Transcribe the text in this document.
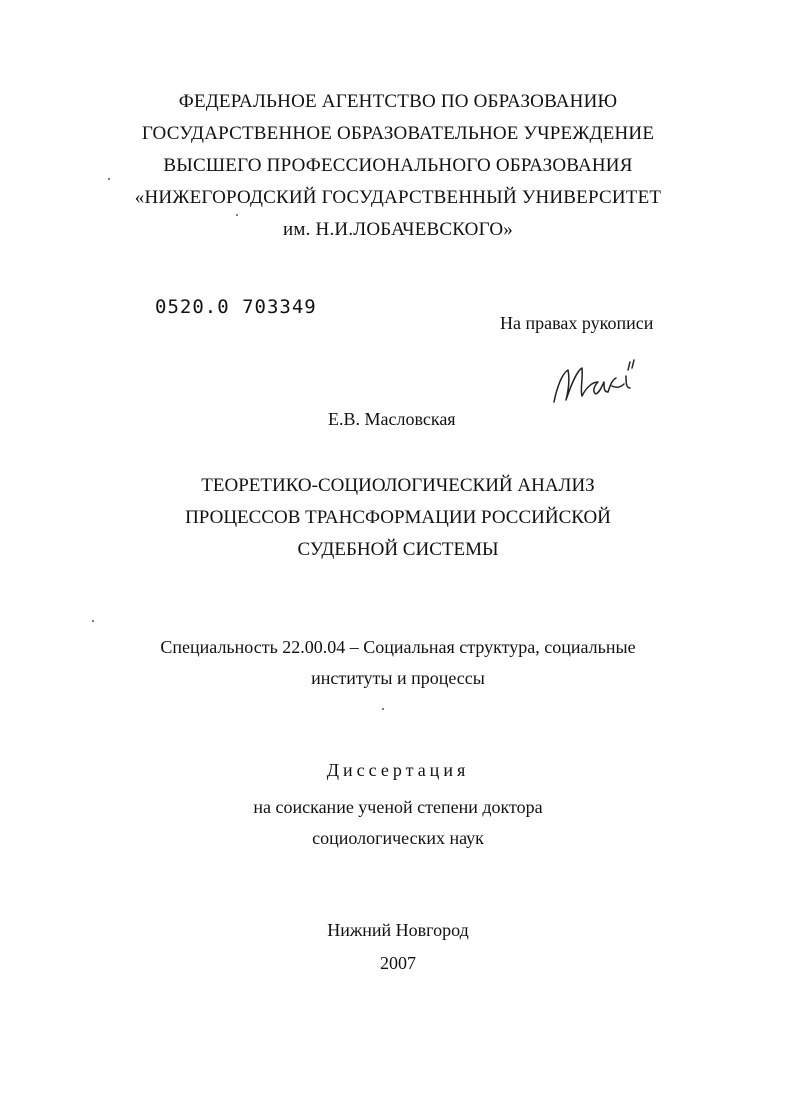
ФЕДЕРАЛЬНОЕ АГЕНТСТВО ПО ОБРАЗОВАНИЮ
ГОСУДАРСТВЕННОЕ ОБРАЗОВАТЕЛЬНОЕ УЧРЕЖДЕНИЕ
ВЫСШЕГО ПРОФЕССИОНАЛЬНОГО ОБРАЗОВАНИЯ
«НИЖЕГОРОДСКИЙ ГОСУДАРСТВЕННЫЙ УНИВЕРСИТЕТ
им. Н.И.ЛОБАЧЕВСКОГО»
0520.0 703349
На правах рукописи
Е.В. Масловская
ТЕОРЕТИКО-СОЦИОЛОГИЧЕСКИЙ АНАЛИЗ
ПРОЦЕССОВ ТРАНСФОРМАЦИИ РОССИЙСКОЙ
СУДЕБНОЙ СИСТЕМЫ
Специальность 22.00.04 – Социальная структура, социальные
институты и процессы
Диссертация
на соискание ученой степени доктора
социологических наук
Нижний Новгород
2007
